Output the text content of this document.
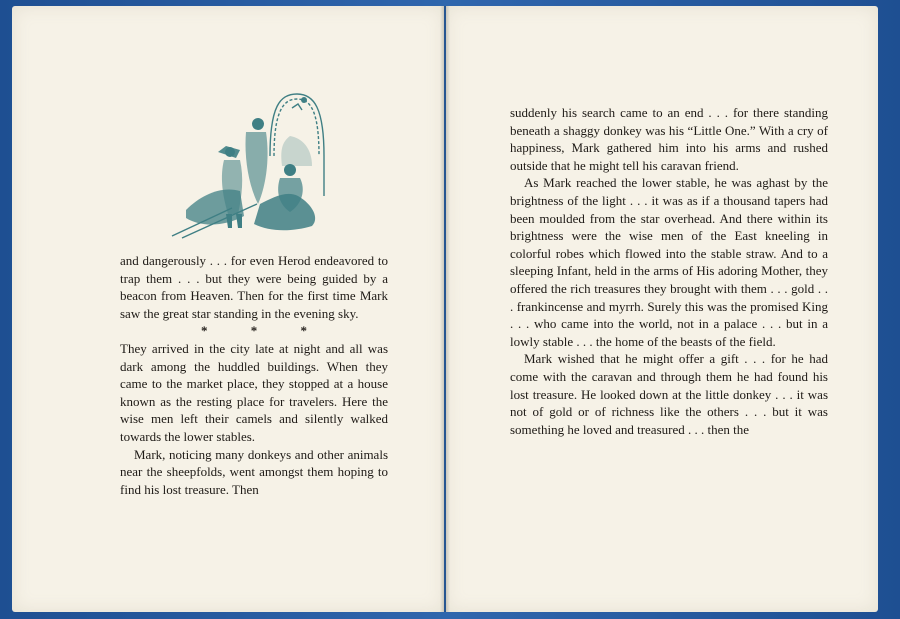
and dangerously . . . for even Herod endeavored to trap them . . . but they were being guided by a beacon from Heaven. Then for the first time Mark saw the great star standing in the evening sky.

* * *

They arrived in the city late at night and all was dark among the huddled buildings. When they came to the market place, they stopped at a house known as the resting place for travelers. Here the wise men left their camels and silently walked towards the lower stables.

Mark, noticing many donkeys and other animals near the sheepfolds, went amongst them hoping to find his lost treasure. Then

suddenly his search came to an end . . . for there standing beneath a shaggy donkey was his “Little One.” With a cry of happiness, Mark gathered him into his arms and rushed outside that he might tell his caravan friend.

As Mark reached the lower stable, he was aghast by the brightness of the light . . . it was as if a thousand tapers had been moulded from the star overhead. And there within its brightness were the wise men of the East kneeling in colorful robes which flowed into the stable straw. And to a sleeping Infant, held in the arms of His adoring Mother, they offered the rich treasures they brought with them . . . gold . . . frankincense and myrrh. Surely this was the promised King . . . who came into the world, not in a palace . . . but in a lowly stable . . . the home of the beasts of the field.

Mark wished that he might offer a gift . . . for he had come with the caravan and through them he had found his lost treasure. He looked down at the little donkey . . . it was not of gold or of richness like the others . . . but it was something he loved and treasured . . . then the
